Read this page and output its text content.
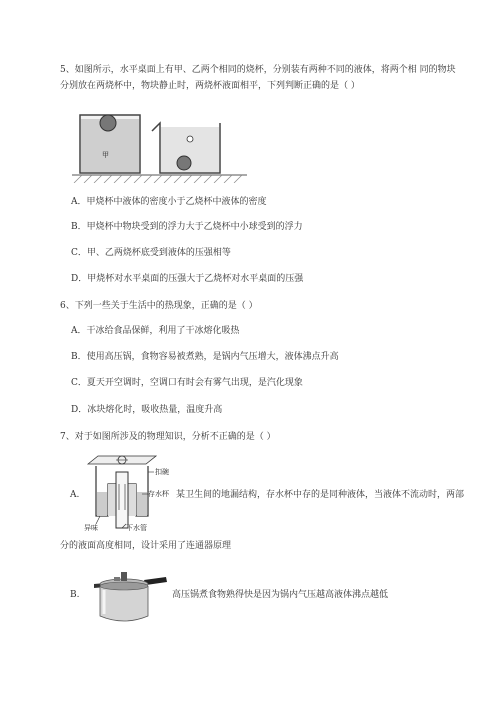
5、如图所示，水平桌面上有甲、乙两个相同的烧杯，分别装有两种不同的液体，将两个相 同的物块
分别放在两烧杯中，物块静止时，两烧杯液面相平，下列判断正确的是（ ）
甲
A．甲烧杯中液体的密度小于乙烧杯中液体的密度
B．甲烧杯中物块受到的浮力大于乙烧杯中小球受到的浮力
C．甲、乙两烧杯底受到液体的压强相等
D．甲烧杯对水平桌面的压强大于乙烧杯对水平桌面的压强
6、下列一些关于生活中的热现象，正确的是（ ）
A．干冰给食品保鲜，利用了干冰熔化吸热
B．使用高压锅，食物容易被煮熟，是锅内气压增大，液体沸点升高
C．夏天开空调时，空调口有时会有雾气出现，是汽化现象
D．冰块熔化时，吸收热量，温度升高
7、对于如图所涉及的物理知识，分析不正确的是（ ）
扣碗
存水杯
异味	下水管
A.	某卫生间的地漏结构，存水杯中存的是同种液体，当液体不流动时，两部
分的液面高度相同，设计采用了连通器原理
B.	高压锅煮食物熟得快是因为锅内气压越高液体沸点越低
